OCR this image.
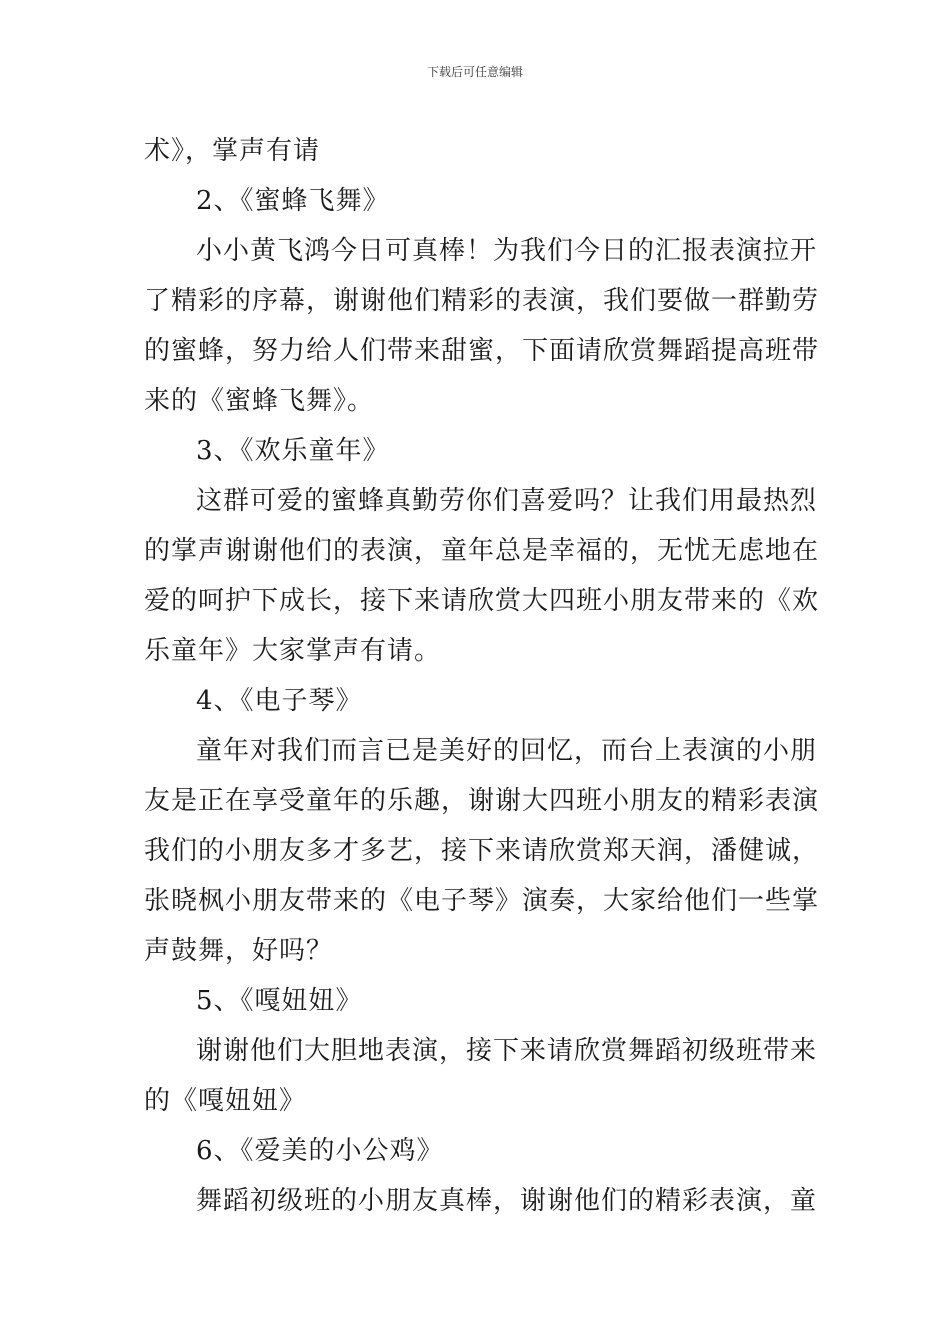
下载后可任意编辑
术》，掌声有请
2、《蜜蜂飞舞》
小小黄飞鸿今日可真棒！为我们今日的汇报表演拉开
了精彩的序幕，谢谢他们精彩的表演，我们要做一群勤劳
的蜜蜂，努力给人们带来甜蜜，下面请欣赏舞蹈提高班带
来的《蜜蜂飞舞》。
3、《欢乐童年》
这群可爱的蜜蜂真勤劳你们喜爱吗？让我们用最热烈
的掌声谢谢他们的表演，童年总是幸福的，无忧无虑地在
爱的呵护下成长，接下来请欣赏大四班小朋友带来的《欢
乐童年》大家掌声有请。
4、《电子琴》
童年对我们而言已是美好的回忆，而台上表演的小朋
友是正在享受童年的乐趣，谢谢大四班小朋友的精彩表演
我们的小朋友多才多艺，接下来请欣赏郑天润，潘健诚，
张晓枫小朋友带来的《电子琴》演奏，大家给他们一些掌
声鼓舞，好吗？
5、《嘎妞妞》
谢谢他们大胆地表演，接下来请欣赏舞蹈初级班带来
的《嘎妞妞》
6、《爱美的小公鸡》
舞蹈初级班的小朋友真棒，谢谢他们的精彩表演，童
